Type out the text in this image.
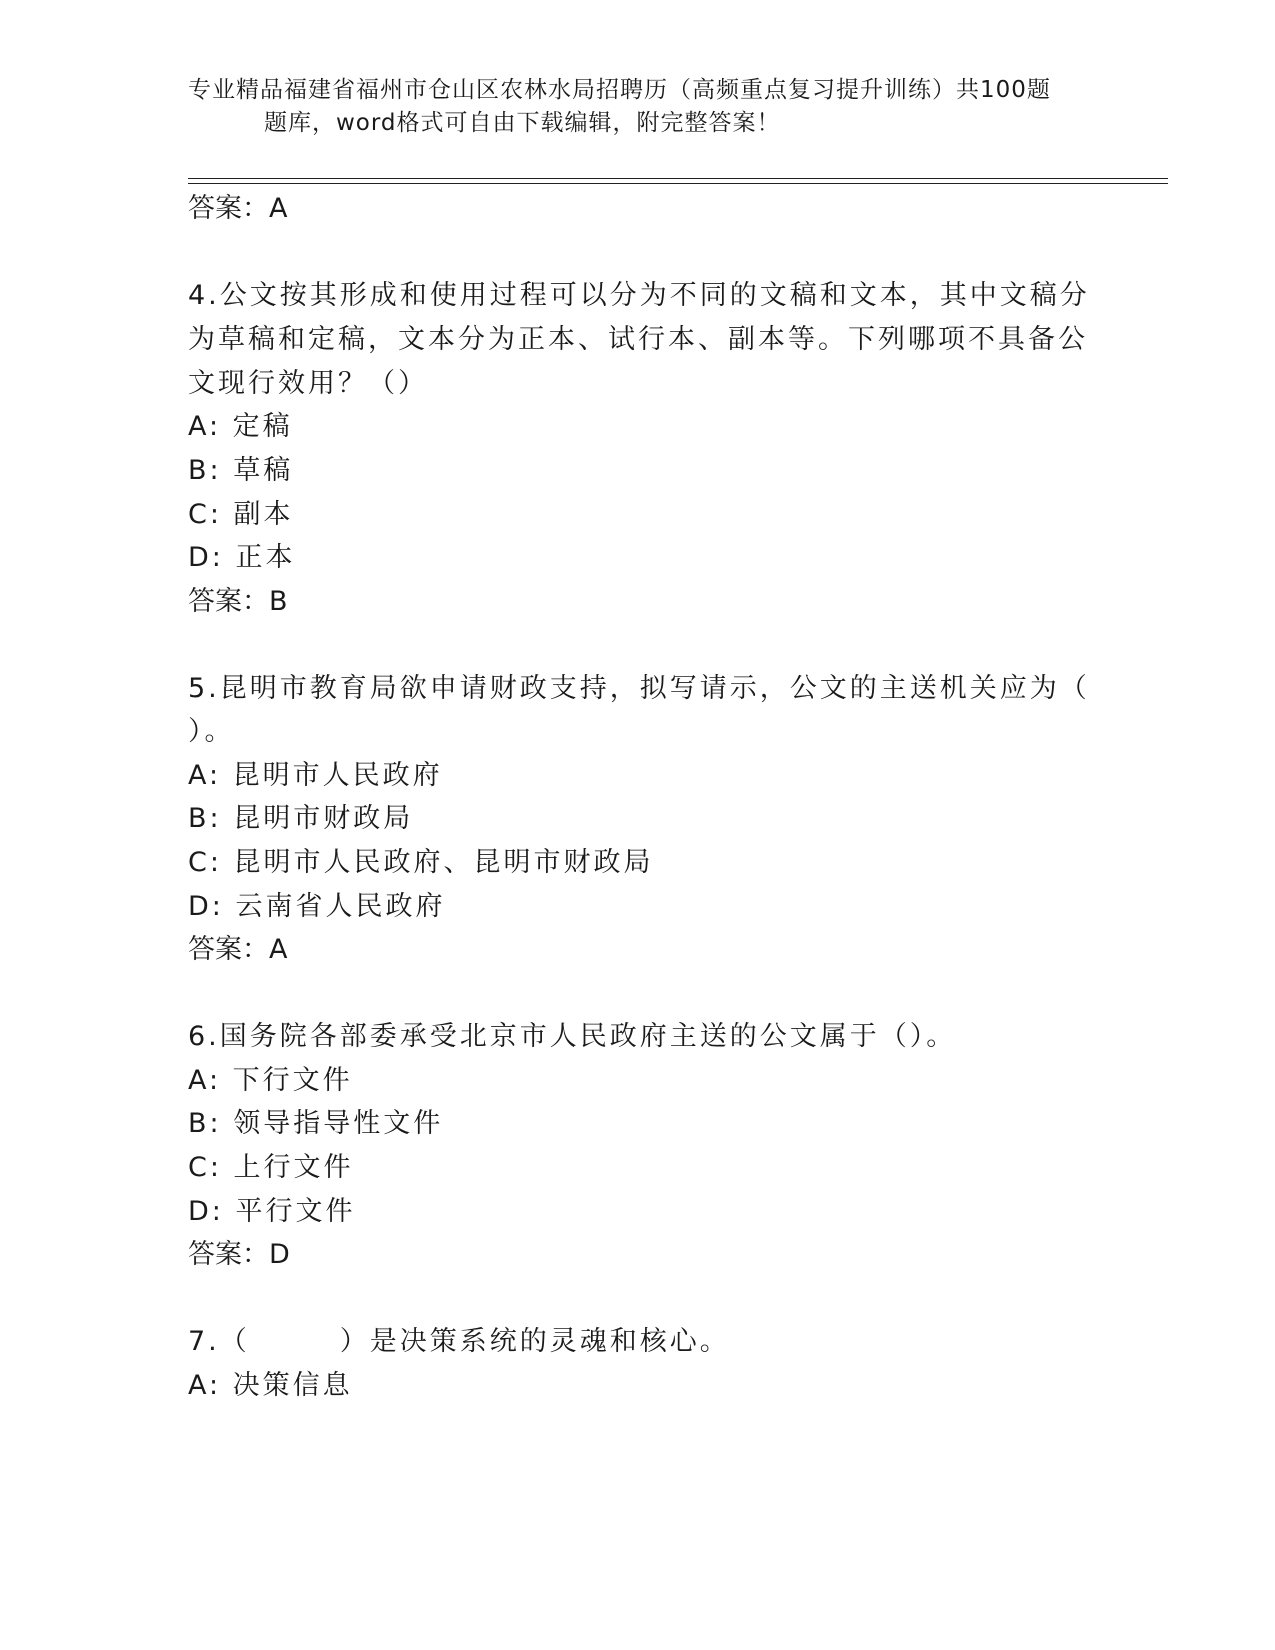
专业精品福建省福州市仓山区农林水局招聘历（高频重点复习提升训练）共100题
题库，word格式可自由下载编辑，附完整答案！
答案：A
4.公文按其形成和使用过程可以分为不同的文稿和文本，其中文稿分
为草稿和定稿，文本分为正本、试行本、副本等。下列哪项不具备公
文现行效用？（）
A: 定稿
B: 草稿
C: 副本
D: 正本
答案：B
5.昆明市教育局欲申请财政支持，拟写请示，公文的主送机关应为（
）。
A: 昆明市人民政府
B: 昆明市财政局
C: 昆明市人民政府、昆明市财政局
D: 云南省人民政府
答案：A
6.国务院各部委承受北京市人民政府主送的公文属于（）。
A: 下行文件
B: 领导指导性文件
C: 上行文件
D: 平行文件
答案：D
7.（　　　）是决策系统的灵魂和核心。
A: 决策信息
